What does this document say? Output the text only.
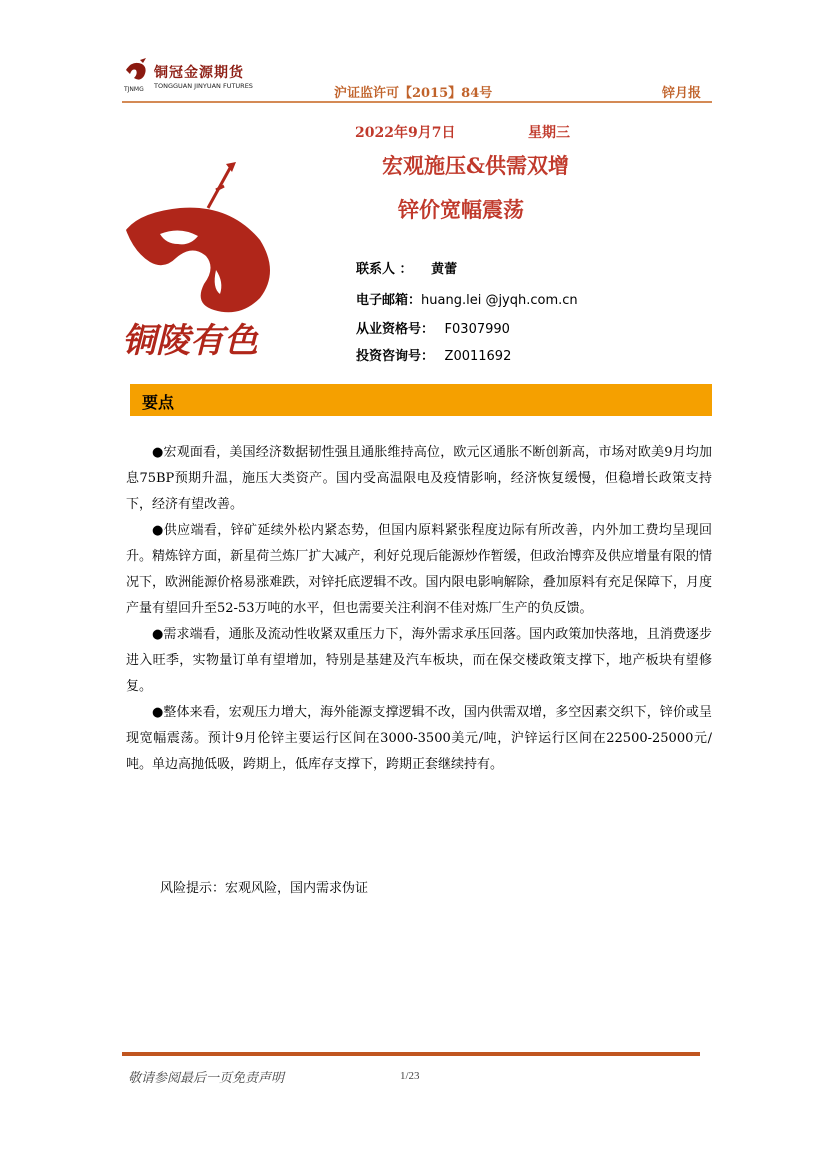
铜冠金源期货
TONGGUAN JINYUAN FUTURES
TJNMG	沪证监许可【2015】84号	锌月报
2022年9月7日	星期三
宏观施压&供需双增
锌价宽幅震荡
铜陵有色
联系人 ： 黄蕾
电子邮箱：huang.lei @jyqh.com.cn
从业资格号： F0307990
投资咨询号： Z0011692
要点

●宏观面看，美国经济数据韧性强且通胀维持高位，欧元区通胀不断创新高，市场对欧美9月均加息75BP预期升温，施压大类资产。国内受高温限电及疫情影响，经济恢复缓慢，但稳增长政策支持下，经济有望改善。

●供应端看，锌矿延续外松内紧态势，但国内原料紧张程度边际有所改善，内外加工费均呈现回升。精炼锌方面，新星荷兰炼厂扩大减产，利好兑现后能源炒作暂缓，但政治博弈及供应增量有限的情况下，欧洲能源价格易涨难跌，对锌托底逻辑不改。国内限电影响解除，叠加原料有充足保障下，月度产量有望回升至52-53万吨的水平，但也需要关注利润不佳对炼厂生产的负反馈。

●需求端看，通胀及流动性收紧双重压力下，海外需求承压回落。国内政策加快落地，且消费逐步进入旺季，实物量订单有望增加，特别是基建及汽车板块，而在保交楼政策支撑下，地产板块有望修复。

●整体来看，宏观压力增大，海外能源支撑逻辑不改，国内供需双增，多空因素交织下，锌价或呈现宽幅震荡。预计9月伦锌主要运行区间在3000-3500美元/吨，沪锌运行区间在22500-25000元/吨。单边高抛低吸，跨期上，低库存支撑下，跨期正套继续持有。

风险提示：宏观风险，国内需求伪证
敬请参阅最后一页免责声明	1/23
